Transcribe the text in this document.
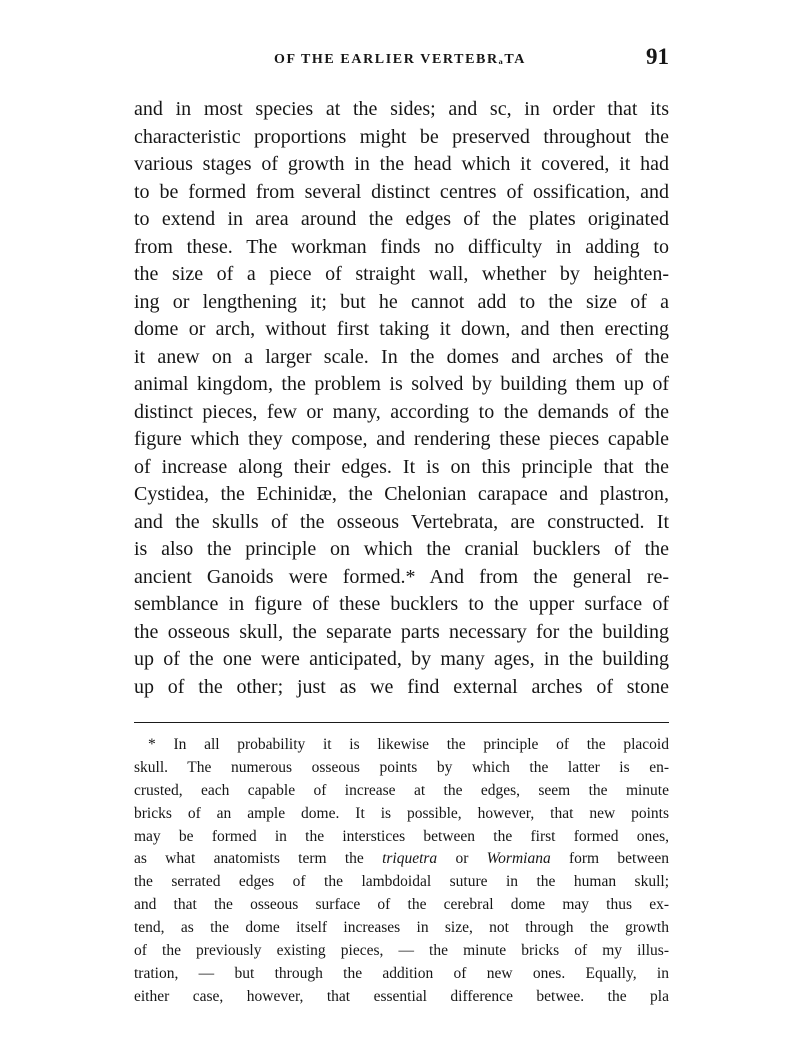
OF THE EARLIER VERTEBRₐTA	91
and in most species at the sides; and sc, in order that its
characteristic proportions might be preserved throughout the
various stages of growth in the head which it covered, it had
to be formed from several distinct centres of ossification, and
to extend in area around the edges of the plates originated
from these. The workman finds no difficulty in adding to
the size of a piece of straight wall, whether by heighten-
ing or lengthening it; but he cannot add to the size of a
dome or arch, without first taking it down, and then erecting
it anew on a larger scale. In the domes and arches of the
animal kingdom, the problem is solved by building them up of
distinct pieces, few or many, according to the demands of the
figure which they compose, and rendering these pieces capable
of increase along their edges. It is on this principle that the
Cystidea, the Echinidæ, the Chelonian carapace and plastron,
and the skulls of the osseous Vertebrata, are constructed. It
is also the principle on which the cranial bucklers of the
ancient Ganoids were formed.* And from the general re-
semblance in figure of these bucklers to the upper surface of
the osseous skull, the separate parts necessary for the building
up of the one were anticipated, by many ages, in the building
up of the other; just as we find external arches of stone
* In all probability it is likewise the principle of the placoid
skull. The numerous osseous points by which the latter is en-
crusted, each capable of increase at the edges, seem the minute
bricks of an ample dome. It is possible, however, that new points
may be formed in the interstices between the first formed ones,
as what anatomists term the triquetra or Wormiana form between
the serrated edges of the lambdoidal suture in the human skull;
and that the osseous surface of the cerebral dome may thus ex-
tend, as the dome itself increases in size, not through the growth
of the previously existing pieces, — the minute bricks of my illus-
tration, — but through the addition of new ones. Equally, in
either case, however, that essential difference betwee. the pla
